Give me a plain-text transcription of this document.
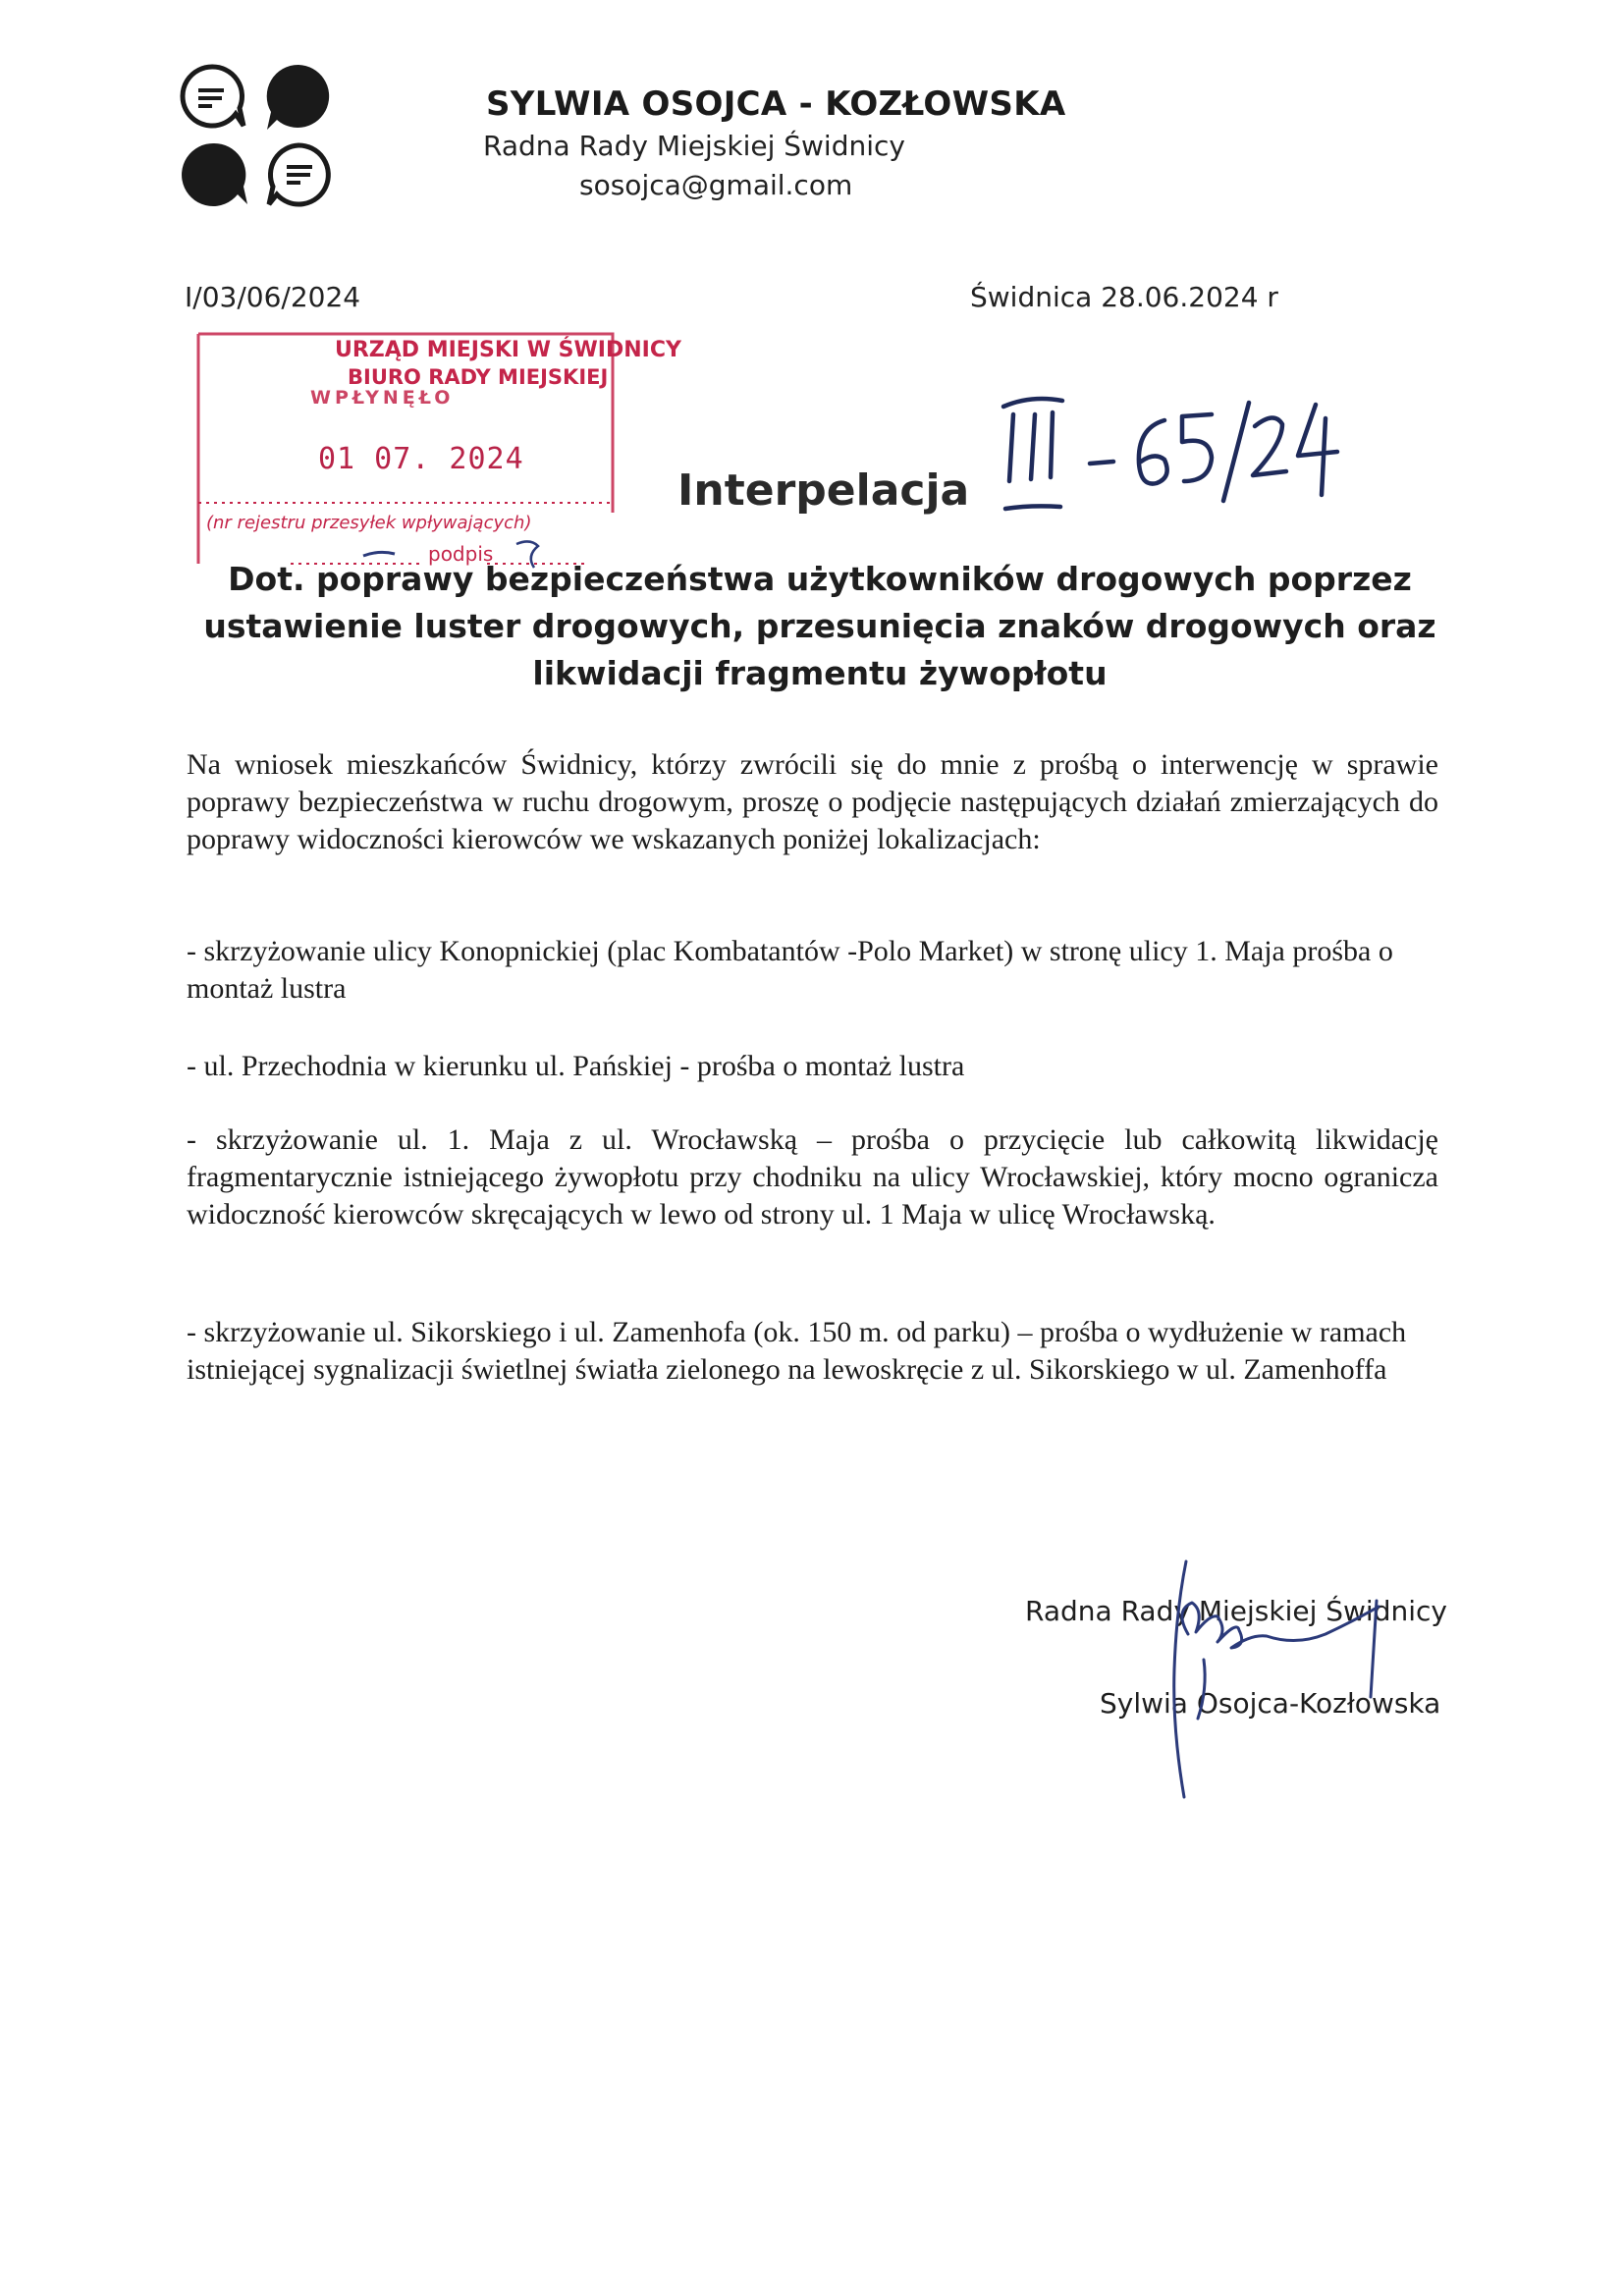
SYLWIA OSOJCA - KOZŁOWSKA
Radna Rady Miejskiej Świdnicy
sosojca@gmail.com
I/03/06/2024	Świdnica 28.06.2024 r
URZĄD MIEJSKI W ŚWIDNICY
BIURO RADY MIEJSKIEJ
WPŁYNĘŁO
01 07. 2024
(nr rejestru przesyłek wpływających)
podpis
Interpelacja
Dot. poprawy bezpieczeństwa użytkowników drogowych poprzez ustawienie luster drogowych, przesunięcia znaków drogowych oraz likwidacji fragmentu żywopłotu
Na wniosek mieszkańców Świdnicy, którzy zwrócili się do mnie z prośbą o interwencję w sprawie poprawy bezpieczeństwa w ruchu drogowym, proszę o podjęcie następujących działań zmierzających do poprawy widoczności kierowców we wskazanych poniżej lokalizacjach:
- skrzyżowanie ulicy Konopnickiej (plac Kombatantów -Polo Market) w stronę ulicy 1. Maja prośba o montaż lustra
- ul. Przechodnia w kierunku ul. Pańskiej - prośba o montaż lustra
- skrzyżowanie ul. 1. Maja z ul. Wrocławską – prośba o przycięcie lub całkowitą likwidację fragmentarycznie istniejącego żywopłotu przy chodniku na ulicy Wrocławskiej, który mocno ogranicza widoczność kierowców skręcających w lewo od strony ul. 1 Maja w ulicę Wrocławską.
- skrzyżowanie ul. Sikorskiego i ul. Zamenhofa (ok. 150 m. od parku) – prośba o wydłużenie w ramach istniejącej sygnalizacji świetlnej światła zielonego na lewoskręcie z ul. Sikorskiego w ul. Zamenhoffa
Radna Rady Miejskiej Świdnicy
Sylwia Osojca-Kozłowska
